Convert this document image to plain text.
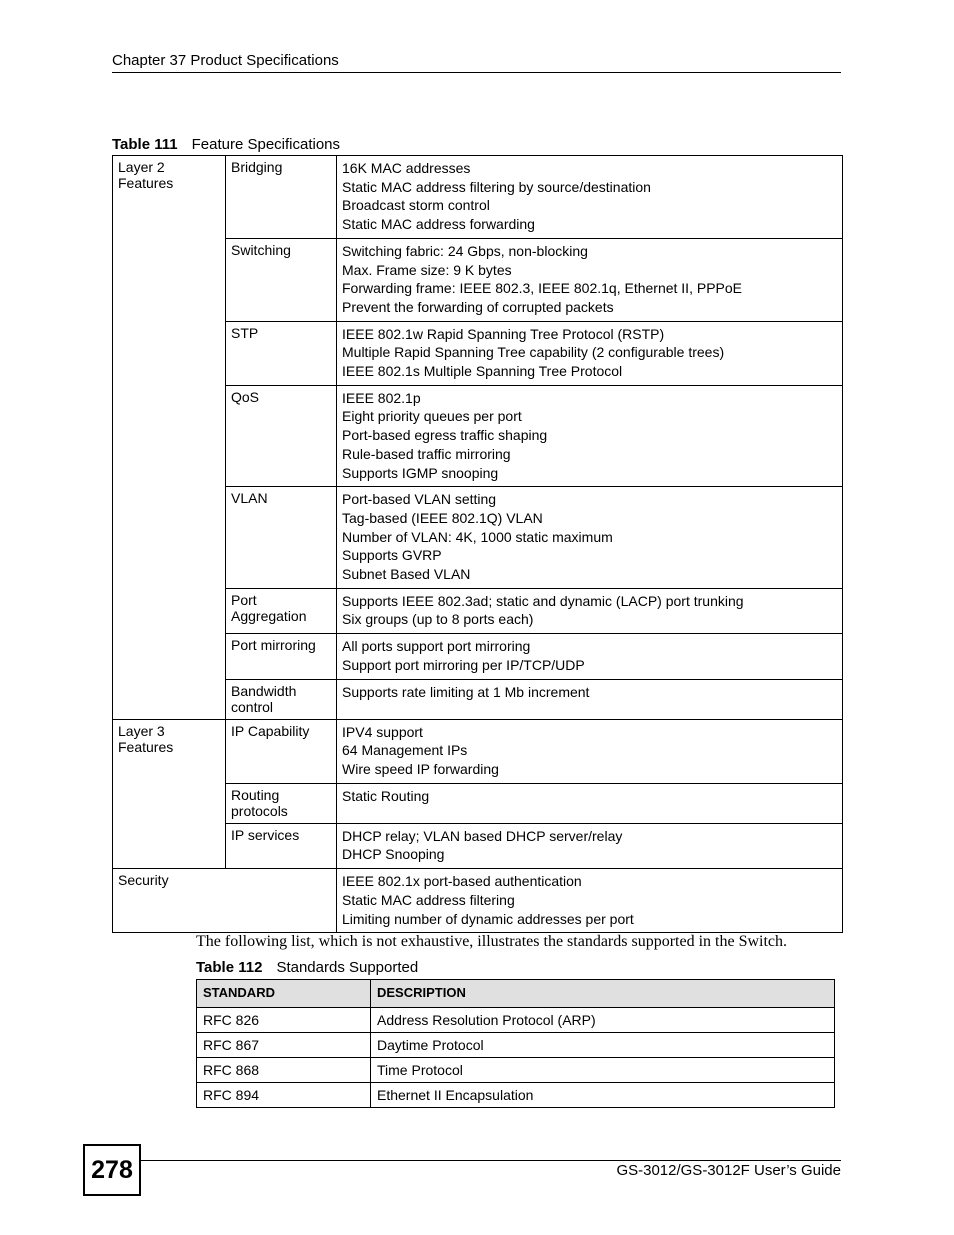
Chapter 37 Product Specifications
Table 111 Feature Specifications
Layer 2 Features	Bridging	16K MAC addresses
Static MAC address filtering by source/destination
Broadcast storm control
Static MAC address forwarding

	Switching	Switching fabric: 24 Gbps, non-blocking
Max. Frame size: 9 K bytes
Forwarding frame: IEEE 802.3, IEEE 802.1q, Ethernet II, PPPoE
Prevent the forwarding of corrupted packets

	STP	IEEE 802.1w Rapid Spanning Tree Protocol (RSTP)
Multiple Rapid Spanning Tree capability (2 configurable trees)
IEEE 802.1s Multiple Spanning Tree Protocol

	QoS	IEEE 802.1p
Eight priority queues per port
Port-based egress traffic shaping
Rule-based traffic mirroring
Supports IGMP snooping

	VLAN	Port-based VLAN setting
Tag-based (IEEE 802.1Q) VLAN
Number of VLAN: 4K, 1000 static maximum
Supports GVRP
Subnet Based VLAN

	Port Aggregation	Supports IEEE 802.3ad; static and dynamic (LACP) port trunking
Six groups (up to 8 ports each)

	Port mirroring	All ports support port mirroring
Support port mirroring per IP/TCP/UDP

	Bandwidth control	Supports rate limiting at 1 Mb increment

Layer 3 Features	IP Capability	IPV4 support
64 Management IPs
Wire speed IP forwarding

	Routing protocols	Static Routing

	IP services	DHCP relay; VLAN based DHCP server/relay
DHCP Snooping

Security		IEEE 802.1x port-based authentication
Static MAC address filtering
Limiting number of dynamic addresses per port
The following list, which is not exhaustive, illustrates the standards supported in the Switch.
Table 112 Standards Supported
STANDARD	DESCRIPTION
RFC 826	Address Resolution Protocol (ARP)
RFC 867	Daytime Protocol
RFC 868	Time Protocol
RFC 894	Ethernet II Encapsulation
278	GS-3012/GS-3012F User’s Guide
